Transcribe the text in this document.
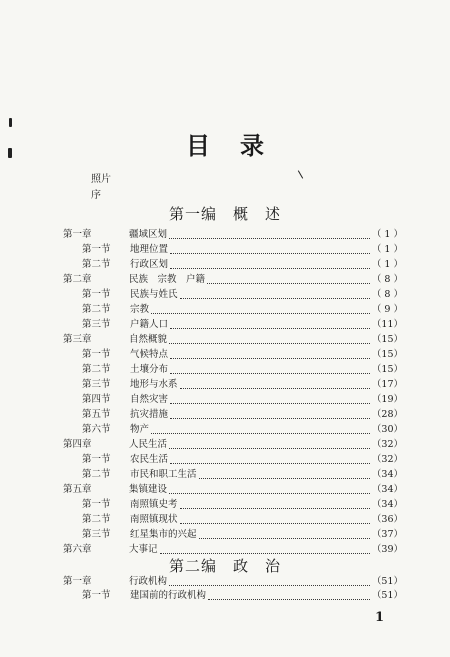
目 录
照片
序
第一编　概　述
第一章	疆域区划	（ 1 ）
第一节	地理位置	（ 1 ）
第二节	行政区划	（ 1 ）
第二章	民族　宗教　户籍	（ 8 ）
第一节	民族与姓氏	（ 8 ）
第二节	宗教	（ 9 ）
第三节	户籍人口	（11）
第三章	自然概貌	（15）
第一节	气候特点	（15）
第二节	土壤分布	（15）
第三节	地形与水系	（17）
第四节	自然灾害	（19）
第五节	抗灾措施	（28）
第六节	物产	（30）
第四章	人民生活	（32）
第一节	农民生活	（32）
第二节	市民和职工生活	（34）
第五章	集镇建设	（34）
第一节	南照镇史考	（34）
第二节	南照镇现状	（36）
第三节	红星集市的兴起	（37）
第六章	大事记	（39）
第二编　政　治
第一章	行政机构	（51）
第一节	建国前的行政机构	（51）
1
